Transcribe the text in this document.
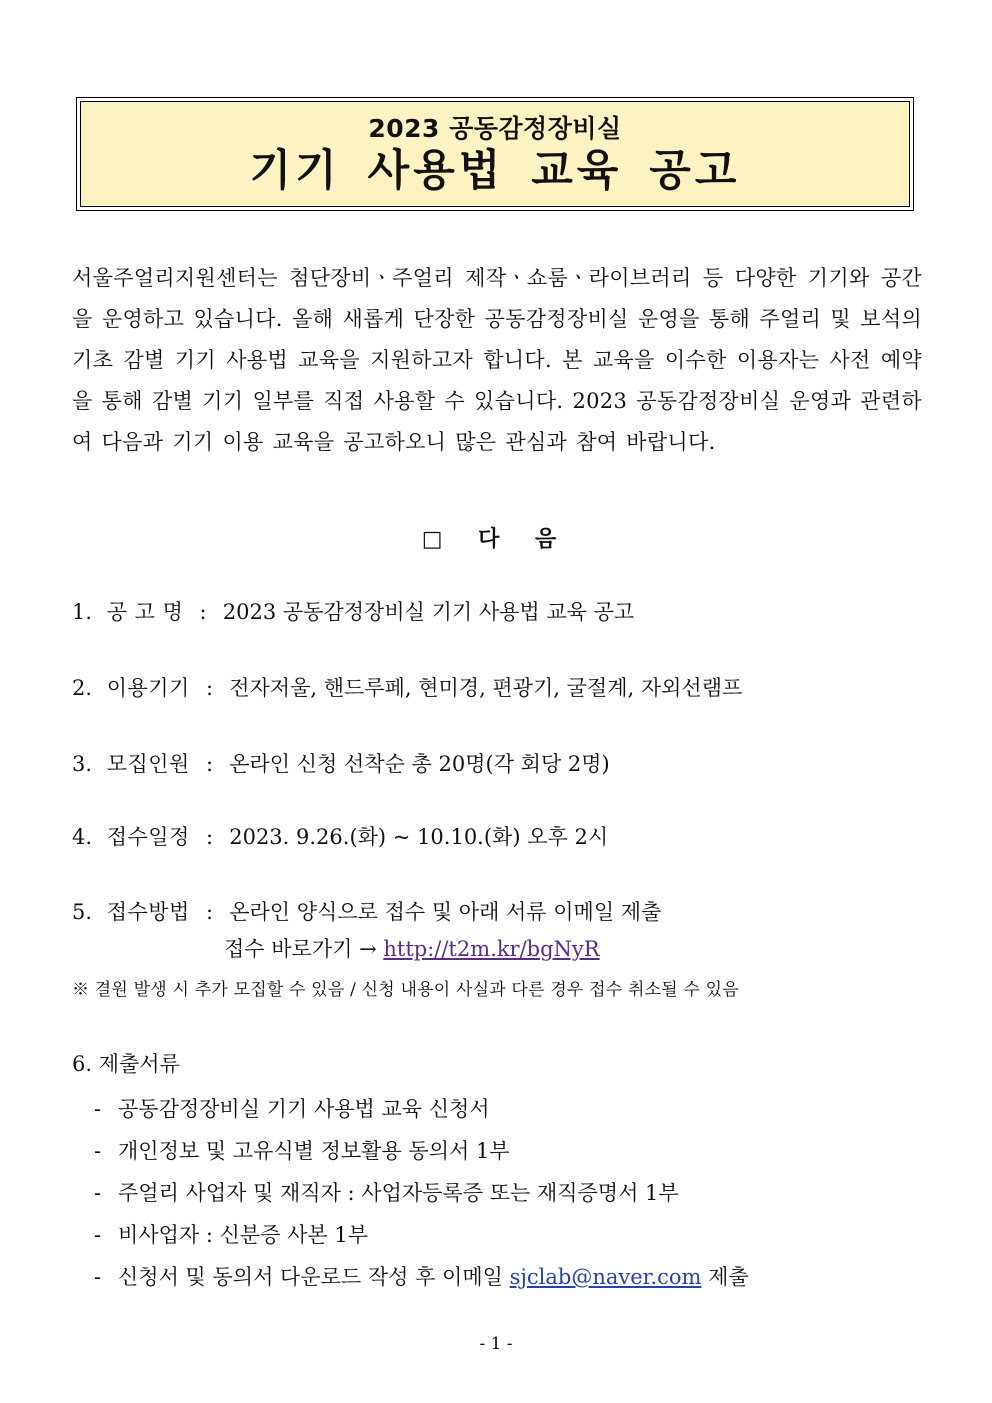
2023 공동감정장비실
기기 사용법 교육 공고

서울주얼리지원센터는 첨단장비ㆍ주얼리 제작ㆍ쇼룸ㆍ라이브러리 등 다양한 기기와 공간을 운영하고 있습니다. 올해 새롭게 단장한 공동감정장비실 운영을 통해 주얼리 및 보석의 기초 감별 기기 사용법 교육을 지원하고자 합니다. 본 교육을 이수한 이용자는 사전 예약을 통해 감별 기기 일부를 직접 사용할 수 있습니다. 2023 공동감정장비실 운영과 관련하여 다음과 기기 이용 교육을 공고하오니 많은 관심과 참여 바랍니다.

□ 다 음
1. 공 고 명 : 2023 공동감정장비실 기기 사용법 교육 공고
2. 이용기기 : 전자저울, 핸드루페, 현미경, 편광기, 굴절계, 자외선램프
3. 모집인원 : 온라인 신청 선착순 총 20명(각 회당 2명)
4. 접수일정 : 2023. 9.26.(화) ~ 10.10.(화) 오후 2시
5. 접수방법 : 온라인 양식으로 접수 및 아래 서류 이메일 제출
접수 바로가기 → http://t2m.kr/bgNyR
※ 결원 발생 시 추가 모집할 수 있음 / 신청 내용이 사실과 다른 경우 접수 취소될 수 있음
6. 제출서류
- 공동감정장비실 기기 사용법 교육 신청서
- 개인정보 및 고유식별 정보활용 동의서 1부
- 주얼리 사업자 및 재직자 : 사업자등록증 또는 재직증명서 1부
- 비사업자 : 신분증 사본 1부
- 신청서 및 동의서 다운로드 작성 후 이메일 sjclab@naver.com 제출
- 1 -
